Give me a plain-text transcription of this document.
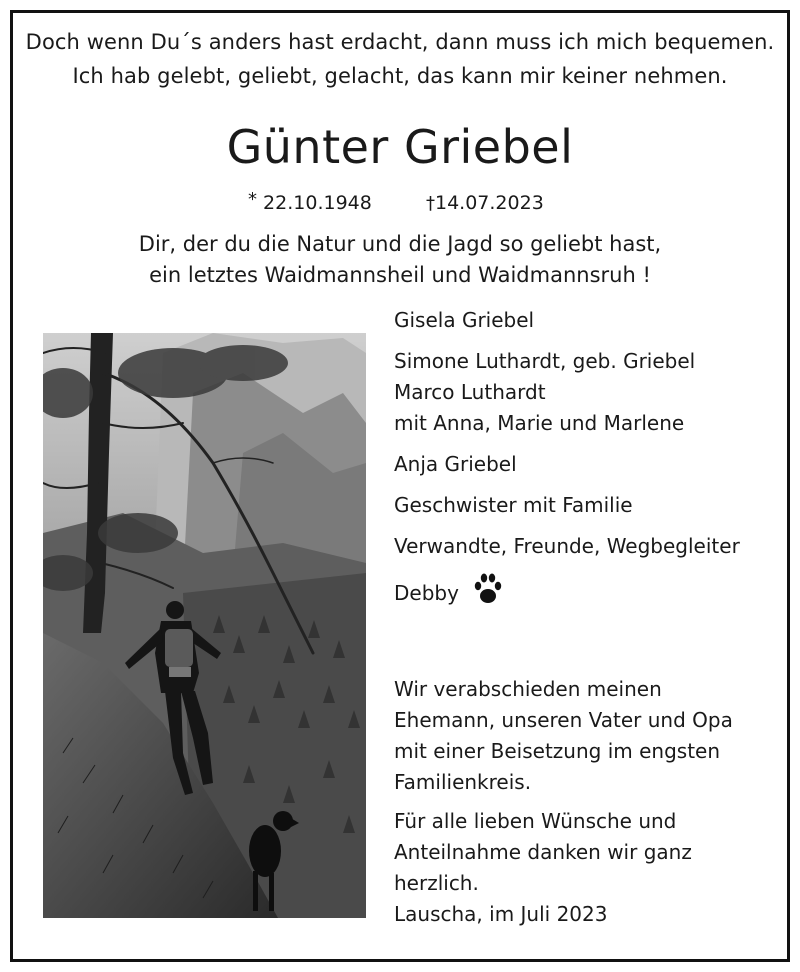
Doch wenn Du´s anders hast erdacht, dann muss ich mich bequemen.
Ich hab gelebt, geliebt, gelacht, das kann mir keiner nehmen.
Günter Griebel
* 22.10.1948	†14.07.2023
Dir, der du die Natur und die Jagd so geliebt hast,
ein letztes Waidmannsheil und Waidmannsruh !
Gisela Griebel
Simone Luthardt, geb. Griebel
Marco Luthardt
mit Anna, Marie und Marlene
Anja Griebel
Geschwister mit Familie
Verwandte, Freunde, Wegbegleiter
Debby
Wir verabschieden meinen
Ehemann, unseren Vater und Opa
mit einer Beisetzung im engsten
Familienkreis.
Für alle lieben Wünsche und
Anteilnahme danken wir ganz
herzlich.
Lauscha, im Juli 2023
